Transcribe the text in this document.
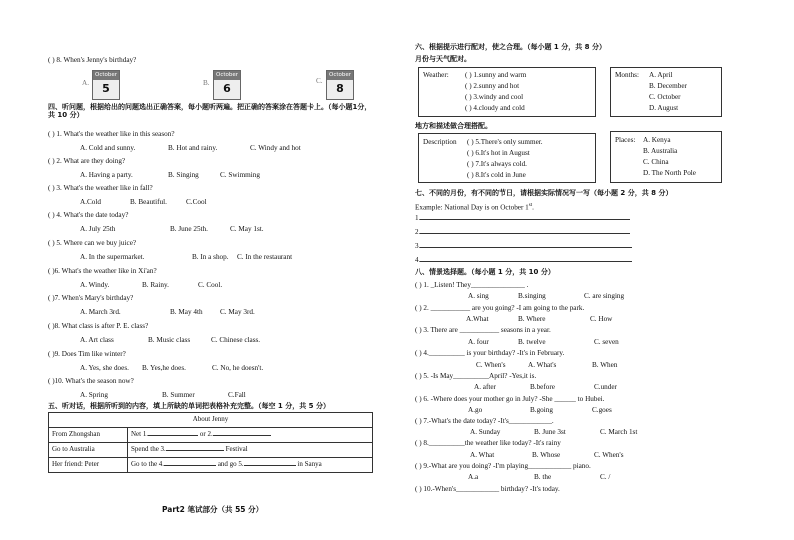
( ) 8. When's Jenny's birthday?
A.
October
5	B.
October
6
C.
October
8
四、听问题，根据给出的问题选出正确答案，每小题听两遍。把正确的答案涂在答题卡上。（每小题1分，共 10 分）
( ) 1. What's the weather like in this season?
A. Cold and sunny.	B. Hot and rainy.	C. Windy and hot
( ) 2. What are they doing?
A. Having a party.	B. Singing	C. Swimming
( ) 3. What's the weather like in fall?
A.Cold	B. Beautiful.	C.Cool
( ) 4. What's the date today?
A. July 25th	B. June 25th.	C. May 1st.
( ) 5. Where can we buy juice?
A. In the supermarket.	B. In a shop. C. In the restaurant
( )6. What's the weather like in Xi'an?
A. Windy.	B. Rainy.	C. Cool.
( )7. When's Mary's birthday?
A. March 3rd.	B. May 4th C. May 3rd.
( )8. What class is after P. E. class?
A. Art class	B. Music class	C. Chinese class.
( )9. Does Tim like winter?
A. Yes, she does. B. Yes,he does.	C. No, he doesn't.
( )10. What's the season now?
A. Spring	B. Summer	C.Fall
五、听对话，根据所听到的内容，填上所缺的单词把表格补充完整。（每空 1 分，共 5 分）
About Jenny	
From Zhongshan	Net 1. or 2.
Go to Australia	Spend the 3. Festival
Her friend: Peter	Go to the 4. and go 5. in Sanya
Part2 笔试部分（共 55 分）
六、根据提示进行配对，使之合理。（每小题 1 分，共 8 分）
月份与天气配对。
Weather: ( ) 1.sunny and warm
( ) 2.sunny and hot
( ) 3.windy and cool
( ) 4.cloudy and cold
Months: A. April
B. December
C. October
D. August
地方和描述做合理搭配。
Description ( ) 5.There's only summer.
( ) 6.It's hot in August
( ) 7.It's always cold.
( ) 8.It's cold in June
Places: A. Kenya
B. Australia
C. China
D. The North Pole
七、不同的月份，有不同的节日，请根据实际情况写一写（每小题 2 分，共 8 分）
Example: National Day is on October 1st.
1.
2.
3.
4.
八、情景选择题。（每小题 1 分，共 10 分）
( ) 1. _Listen! They_______________ .
A. sing	B.singing	C. are singing
( ) 2. ___________ are you going? -I am going to the park.
A.What	B. Where	C. How
( ) 3. There are ___________ seasons in a year.
A. four	B. twelve	C. seven
( ) 4.__________ is your birthday? -It's in February.
C. When's	A. What's	B. When
( ) 5. -Is May__________April? -Yes,it is.
A. after	B.before	C.under
( ) 6. -Where does your mother go in July? -She ______ to Hubei.
A.go	B.going	C.goes
( ) 7.-What's the date today? -It's____________.
A. Sunday	B. June 3st	C. March 1st
( ) 8.__________the weather like today? -It's rainy
A. What	B. Whose	C. When's
( ) 9.-What are you doing? -I'm playing____________ piano.
A.a	B. the	C. /
( ) 10.-When's____________ birthday? -It's today.
